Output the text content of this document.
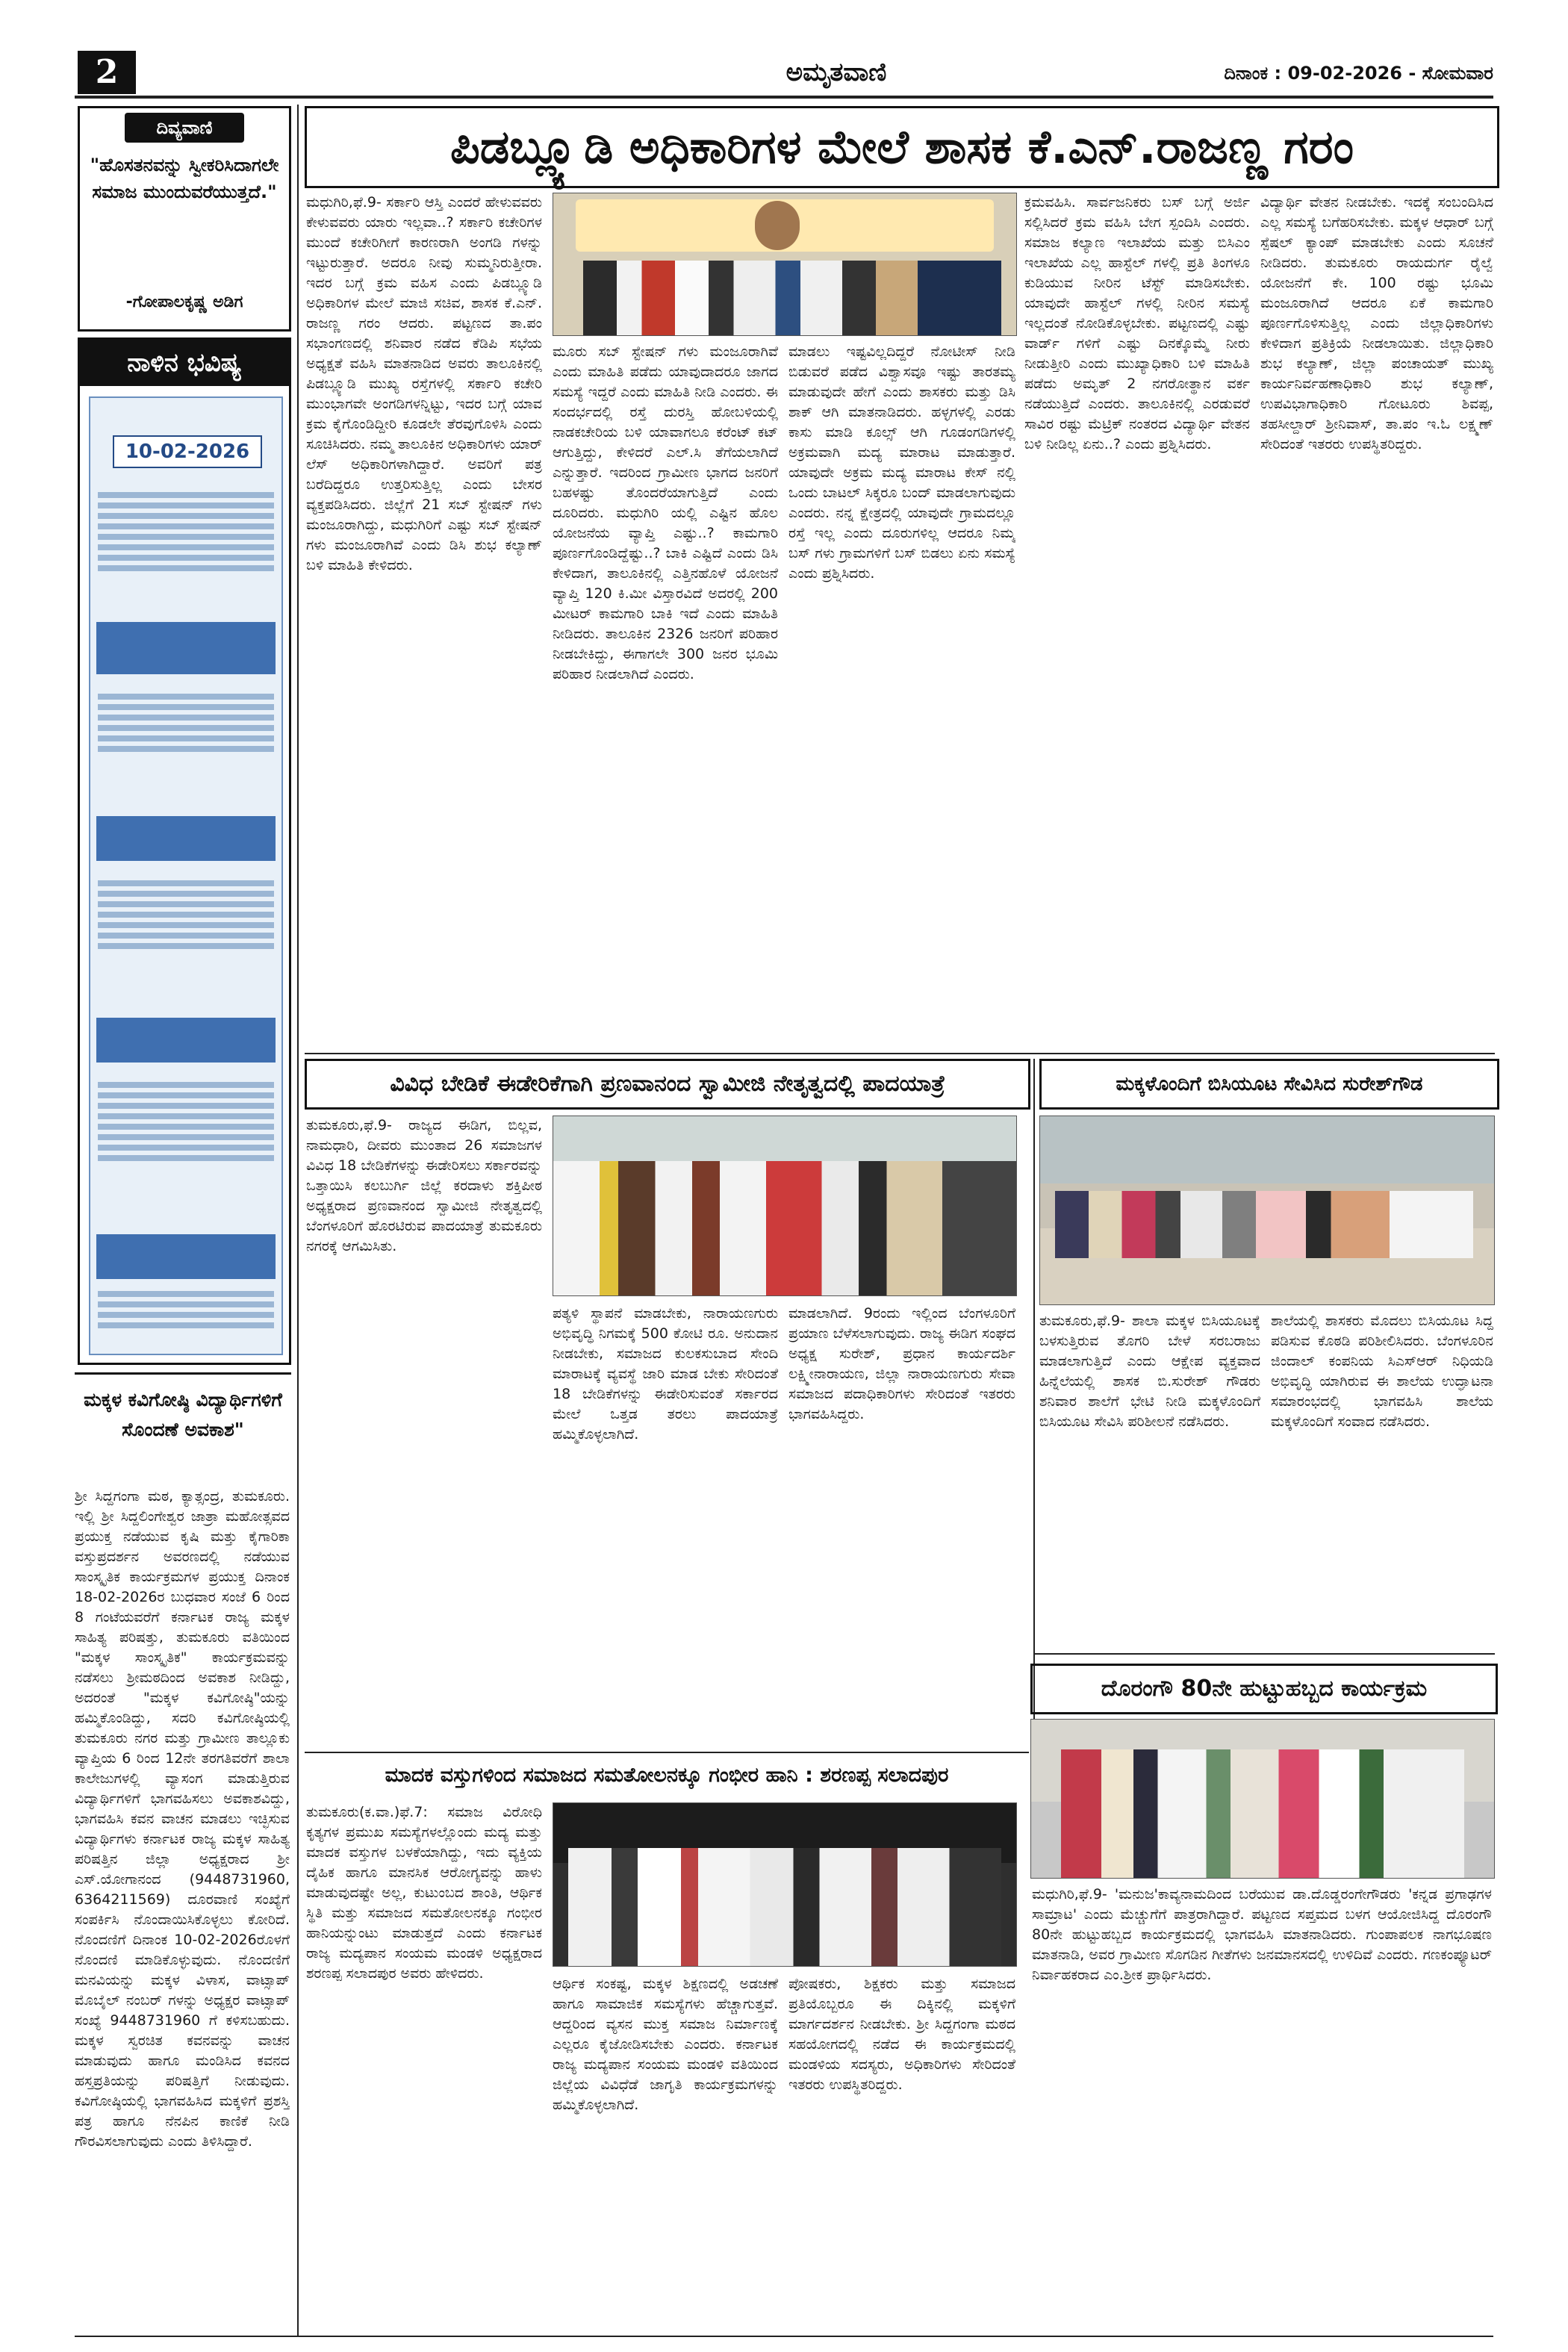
2	ಅಮೃತವಾಣಿ	ದಿನಾಂಕ : 09-02-2026 - ಸೋಮವಾರ
ದಿವ್ಯವಾಣಿ
"ಹೊಸತನವನ್ನು ಸ್ವೀಕರಿಸಿದಾಗಲೇ ಸಮಾಜ ಮುಂದುವರೆಯುತ್ತದೆ."
-ಗೋಪಾಲಕೃಷ್ಣ ಅಡಿಗ
ನಾಳಿನ ಭವಿಷ್ಯ
10-02-2026
ಮಕ್ಕಳ ಕವಿಗೋಷ್ಠಿ ವಿದ್ಯಾರ್ಥಿಗಳಿಗೆ ಸೊಂದಣೆ ಅವಕಾಶ"
ಶ್ರೀ ಸಿದ್ದಗಂಗಾ ಮಠ, ಕ್ಯಾತ್ಸಂದ್ರ, ತುಮಕೂರು. ಇಲ್ಲಿ ಶ್ರೀ ಸಿದ್ದಲಿಂಗೇಶ್ವರ ಜಾತ್ರಾ ಮಹೋತ್ಸವದ ಪ್ರಯುಕ್ತ ನಡೆಯುವ ಕೃಷಿ ಮತ್ತು ಕೈಗಾರಿಕಾ ವಸ್ತುಪ್ರದರ್ಶನ ಅವರಣದಲ್ಲಿ ನಡೆಯುವ ಸಾಂಸ್ಕೃತಿಕ ಕಾರ್ಯಕ್ರಮಗಳ ಪ್ರಯುಕ್ತ ದಿನಾಂಕ 18-02-2026ರ ಬುಧವಾರ ಸಂಜೆ 6 ರಿಂದ 8 ಗಂಟೆಯವರೆಗೆ ಕರ್ನಾಟಕ ರಾಜ್ಯ ಮಕ್ಕಳ ಸಾಹಿತ್ಯ ಪರಿಷತ್ತು, ತುಮಕೂರು ವತಿಯಿಂದ "ಮಕ್ಕಳ ಸಾಂಸ್ಕೃತಿಕ" ಕಾರ್ಯಕ್ರಮವನ್ನು ನಡೆಸಲು ಶ್ರೀಮಠದಿಂದ ಅವಕಾಶ ನೀಡಿದ್ದು, ಅದರಂತೆ "ಮಕ್ಕಳ ಕವಿಗೋಷ್ಠಿ"ಯನ್ನು ಹಮ್ಮಿಕೊಂಡಿದ್ದು, ಸದರಿ ಕವಿಗೋಷ್ಠಿಯಲ್ಲಿ ತುಮಕೂರು ನಗರ ಮತ್ತು ಗ್ರಾಮೀಣ ತಾಲ್ಲೂಕು ವ್ಯಾಪ್ತಿಯ 6 ರಿಂದ 12ನೇ ತರಗತಿವರೆಗೆ ಶಾಲಾ ಕಾಲೇಜುಗಳಲ್ಲಿ ವ್ಯಾಸಂಗ ಮಾಡುತ್ತಿರುವ ವಿದ್ಯಾರ್ಥಿಗಳಿಗೆ ಭಾಗವಹಿಸಲು ಅವಕಾಶವಿದ್ದು, ಭಾಗವಹಿಸಿ ಕವನ ವಾಚನ ಮಾಡಲು ಇಚ್ಛಿಸುವ ವಿದ್ಯಾರ್ಥಿಗಳು ಕರ್ನಾಟಕ ರಾಜ್ಯ ಮಕ್ಕಳ ಸಾಹಿತ್ಯ ಪರಿಷತ್ತಿನ ಜಿಲ್ಲಾ ಅಧ್ಯಕ್ಷರಾದ ಶ್ರೀ ಎಸ್.ಯೋಗಾನಂದ (9448731960, 6364211569) ದೂರವಾಣಿ ಸಂಖ್ಯೆಗೆ ಸಂಪರ್ಕಿಸಿ ನೊಂದಾಯಿಸಿಕೊಳ್ಳಲು ಕೋರಿದೆ. ನೊಂದಣಿಗೆ ದಿನಾಂಕ 10-02-2026ರೊಳಗೆ ನೊಂದಣಿ ಮಾಡಿಕೊಳ್ಳುವುದು. ನೊಂದಣಿಗೆ ಮನವಿಯನ್ನು ಮಕ್ಕಳ ವಿಳಾಸ, ವಾಟ್ಸಾಪ್ ಮೊಬೈಲ್ ನಂಬರ್ ಗಳನ್ನು ಅಧ್ಯಕ್ಷರ ವಾಟ್ಸಾಪ್ ಸಂಖ್ಯೆ 9448731960 ಗೆ ಕಳಿಸಬಹುದು. ಮಕ್ಕಳ ಸ್ವರಚಿತ ಕವನವನ್ನು ವಾಚನ ಮಾಡುವುದು ಹಾಗೂ ಮಂಡಿಸಿದ ಕವನದ ಹಸ್ತಪ್ರತಿಯನ್ನು ಪರಿಷತ್ತಿಗೆ ನೀಡುವುದು. ಕವಿಗೋಷ್ಠಿಯಲ್ಲಿ ಭಾಗವಹಿಸಿದ ಮಕ್ಕಳಿಗೆ ಪ್ರಶಸ್ತಿ ಪತ್ರ ಹಾಗೂ ನೆನಪಿನ ಕಾಣಿಕೆ ನೀಡಿ ಗೌರವಿಸಲಾಗುವುದು ಎಂದು ತಿಳಿಸಿದ್ದಾರೆ.
ಪಿಡಬ್ಲ್ಯೂಡಿ ಅಧಿಕಾರಿಗಳ ಮೇಲೆ ಶಾಸಕ ಕೆ.ಎನ್.ರಾಜಣ್ಣ ಗರಂ
ಮಧುಗಿರಿ,ಫೆ.9- ಸರ್ಕಾರಿ ಆಸ್ತಿ ಎಂದರೆ ಹೇಳುವವರು ಕೇಳುವವರು ಯಾರು ಇಲ್ಲವಾ..? ಸರ್ಕಾರಿ ಕಚೇರಿಗಳ ಮುಂದೆ ಕಚೇರಿಗೀಗೆ ಕಾರಣರಾಗಿ ಅಂಗಡಿ ಗಳನ್ನು ಇಟ್ಟುರುತ್ತಾರೆ. ಅದರೂ ನೀವು ಸುಮ್ಮನಿರುತ್ತೀರಾ. ಇದರ ಬಗ್ಗೆ ಕ್ರಮ ವಹಿಸ ಎಂದು ಪಿಡಬ್ಲ್ಯೂಡಿ ಅಧಿಕಾರಿಗಳ ಮೇಲೆ ಮಾಜಿ ಸಚಿವ, ಶಾಸಕ ಕೆ.ಎನ್. ರಾಜಣ್ಣ ಗರಂ ಆದರು. ಪಟ್ಟಣದ ತಾ.ಪಂ ಸಭಾಂಗಣದಲ್ಲಿ ಶನಿವಾರ ನಡೆದ ಕೆಡಿಪಿ ಸಭೆಯ ಅಧ್ಯಕ್ಷತೆ ವಹಿಸಿ ಮಾತನಾಡಿದ ಅವರು ತಾಲೂಕಿನಲ್ಲಿ ಪಿಡಬ್ಲ್ಯೂಡಿ ಮುಖ್ಯ ರಸ್ತೆಗಳಲ್ಲಿ ಸರ್ಕಾರಿ ಕಚೇರಿ ಮುಂಭಾಗವೇ ಅಂಗಡಿಗಳನ್ನಿಟ್ಟು, ಇದರ ಬಗ್ಗೆ ಯಾವ ಕ್ರಮ ಕೈಗೊಂಡಿದ್ದೀರಿ ಕೂಡಲೇ ತೆರವುಗೊಳಿಸಿ ಎಂದು ಸೂಚಿಸಿದರು. ನಮ್ಮ ತಾಲೂಕಿನ ಅಧಿಕಾರಿಗಳು ಯಾರ್ ಲೆಸ್ ಅಧಿಕಾರಿಗಳಾಗಿದ್ದಾರೆ. ಅವರಿಗೆ ಪತ್ರ ಬರೆದಿದ್ದರೂ ಉತ್ತರಿಸುತ್ತಿಲ್ಲ ಎಂದು ಬೇಸರ ವ್ಯಕ್ತಪಡಿಸಿದರು. ಜಿಲ್ಲೆಗೆ 21 ಸಬ್ ಸ್ಟೇಷನ್ ಗಳು ಮಂಜೂರಾಗಿದ್ದು, ಮಧುಗಿರಿಗೆ ಎಷ್ಟು ಸಬ್ ಸ್ಟೇಷನ್ ಗಳು ಮಂಜೂರಾಗಿವೆ ಎಂದು ಡಿಸಿ ಶುಭ ಕಲ್ಯಾಣ್ ಬಳಿ ಮಾಹಿತಿ ಕೇಳಿದರು.
ಮೂರು ಸಬ್ ಸ್ಟೇಷನ್ ಗಳು ಮಂಜೂರಾಗಿವೆ ಎಂದು ಮಾಹಿತಿ ಪಡೆದು ಯಾವುದಾದರೂ ಜಾಗದ ಸಮಸ್ಯೆ ಇದ್ದರೆ ಎಂದು ಮಾಹಿತಿ ನೀಡಿ ಎಂದರು. ಈ ಸಂದರ್ಭದಲ್ಲಿ ರಸ್ತೆ ದುರಸ್ತಿ ಹೋಬಳಿಯಲ್ಲಿ ನಾಡಕಚೇರಿಯ ಬಳಿ ಯಾವಾಗಲೂ ಕರೆಂಟ್ ಕಟ್ ಆಗುತ್ತಿದ್ದು, ಕೇಳಿದರೆ ಎಲ್.ಸಿ ತೆಗೆಯಲಾಗಿದೆ ಎನ್ನುತ್ತಾರೆ. ಇದರಿಂದ ಗ್ರಾಮೀಣ ಭಾಗದ ಜನರಿಗೆ ಬಹಳಷ್ಟು ತೊಂದರೆಯಾಗುತ್ತಿದೆ ಎಂದು ದೂರಿದರು. ಮಧುಗಿರಿ ಯಲ್ಲಿ ಎಷ್ಟಿನ ಹೊಲ ಯೋಜನೆಯ ವ್ಯಾಪ್ತಿ ಎಷ್ಟು..? ಕಾಮಗಾರಿ ಪೂರ್ಣಗೊಂಡಿದ್ದೆಷ್ಟು..? ಬಾಕಿ ಎಷ್ಟಿದೆ ಎಂದು ಡಿಸಿ ಕೇಳಿದಾಗ, ತಾಲೂಕಿನಲ್ಲಿ ಎತ್ತಿನಹೊಳೆ ಯೋಜನೆ ವ್ಯಾಪ್ತಿ 120 ಕಿ.ಮೀ ವಿಸ್ತಾರವಿದೆ ಅದರಲ್ಲಿ 200 ಮೀಟರ್ ಕಾಮಗಾರಿ ಬಾಕಿ ಇದೆ ಎಂದು ಮಾಹಿತಿ ನೀಡಿದರು. ತಾಲೂಕಿನ 2326 ಜನರಿಗೆ ಪರಿಹಾರ ನೀಡಬೇಕಿದ್ದು, ಈಗಾಗಲೇ 300 ಜನರ ಭೂಮಿ ಪರಿಹಾರ ನೀಡಲಾಗಿದೆ ಎಂದರು.
ಮಾಡಲು ಇಷ್ಟವಿಲ್ಲದಿದ್ದರೆ ನೋಟೀಸ್ ನೀಡಿ ಬಿಡುವರೆ ಪಡೆದ ವಿಶ್ವಾಸವೂ ಇಷ್ಟು ತಾರತಮ್ಯ ಮಾಡುವುದೇ ಹೇಗೆ ಎಂದು ಶಾಸಕರು ಮತ್ತು ಡಿಸಿ ಶಾಕ್ ಆಗಿ ಮಾತನಾಡಿದರು. ಹಳ್ಳಗಳಲ್ಲಿ ಎರಡು ಕಾಸು ಮಾಡಿ ಕೂಲ್ಸ್ ಆಗಿ ಗೂಡಂಗಡಿಗಳಲ್ಲಿ ಅಕ್ರಮವಾಗಿ ಮದ್ಯ ಮಾರಾಟ ಮಾಡುತ್ತಾರೆ. ಯಾವುದೇ ಅಕ್ರಮ ಮದ್ಯ ಮಾರಾಟ ಕೇಸ್ ನಲ್ಲಿ ಒಂದು ಬಾಟಲ್ ಸಿಕ್ಕರೂ ಬಂದ್ ಮಾಡಲಾಗುವುದು ಎಂದರು. ನನ್ನ ಕ್ಷೇತ್ರದಲ್ಲಿ ಯಾವುದೇ ಗ್ರಾಮದಲ್ಲೂ ರಸ್ತೆ ಇಲ್ಲ ಎಂದು ದೂರುಗಳಿಲ್ಲ ಆದರೂ ನಿಮ್ಮ ಬಸ್ ಗಳು ಗ್ರಾಮಗಳಿಗೆ ಬಸ್ ಬಿಡಲು ಏನು ಸಮಸ್ಯೆ ಎಂದು ಪ್ರಶ್ನಿಸಿದರು.
ಕ್ರಮವಹಿಸಿ. ಸಾರ್ವಜನಿಕರು ಬಸ್ ಬಗ್ಗೆ ಅರ್ಜಿ ಸಲ್ಲಿಸಿದರೆ ಕ್ರಮ ವಹಿಸಿ ಬೇಗ ಸ್ಪಂದಿಸಿ ಎಂದರು. ಸಮಾಜ ಕಲ್ಯಾಣ ಇಲಾಖೆಯ ಮತ್ತು ಬಿಸಿಎಂ ಇಲಾಖೆಯ ಎಲ್ಲ ಹಾಸ್ಟೆಲ್ ಗಳಲ್ಲಿ ಪ್ರತಿ ತಿಂಗಳೂ ಕುಡಿಯುವ ನೀರಿನ ಟೆಸ್ಟ್ ಮಾಡಿಸಬೇಕು. ಯಾವುದೇ ಹಾಸ್ಟೆಲ್ ಗಳಲ್ಲಿ ನೀರಿನ ಸಮಸ್ಯೆ ಇಲ್ಲದಂತೆ ನೋಡಿಕೊಳ್ಳಬೇಕು. ಪಟ್ಟಣದಲ್ಲಿ ಎಷ್ಟು ವಾರ್ಡ್ ಗಳಿಗೆ ಎಷ್ಟು ದಿನಕ್ಕೊಮ್ಮೆ ನೀರು ನೀಡುತ್ತೀರಿ ಎಂದು ಮುಖ್ಯಾಧಿಕಾರಿ ಬಳಿ ಮಾಹಿತಿ ಪಡೆದು ಅಮೃತ್ 2 ನಗರೋತ್ಥಾನ ವರ್ಕ ನಡೆಯುತ್ತಿದೆ ಎಂದರು. ತಾಲೂಕಿನಲ್ಲಿ ಎರಡುವರೆ ಸಾವಿರ ರಷ್ಟು ಮೆಟ್ರಿಕ್ ನಂತರದ ವಿದ್ಯಾರ್ಥಿ ವೇತನ ಬಳಿ ನೀಡಿಲ್ಲ ಏನು..? ಎಂದು ಪ್ರಶ್ನಿಸಿದರು.
ವಿದ್ಯಾರ್ಥಿ ವೇತನ ನೀಡಬೇಕು. ಇದಕ್ಕೆ ಸಂಬಂದಿಸಿದ ಎಲ್ಲ ಸಮಸ್ಯೆ ಬಗೆಹರಿಸಬೇಕು. ಮಕ್ಕಳ ಆಧಾರ್ ಬಗ್ಗೆ ಸ್ಪೆಷಲ್ ಕ್ಯಾಂಪ್ ಮಾಡಬೇಕು ಎಂದು ಸೂಚನೆ ನೀಡಿದರು. ತುಮಕೂರು ರಾಯದುರ್ಗ ರೈಲ್ವೆ ಯೋಜನೆಗೆ ಕೇ. 100 ರಷ್ಟು ಭೂಮಿ ಮಂಜೂರಾಗಿದೆ ಆದರೂ ಏಕೆ ಕಾಮಗಾರಿ ಪೂರ್ಣಗೊಳಿಸುತ್ತಿಲ್ಲ ಎಂದು ಜಿಲ್ಲಾಧಿಕಾರಿಗಳು ಕೇಳಿದಾಗ ಪ್ರತಿಕ್ರಿಯೆ ನೀಡಲಾಯಿತು. ಜಿಲ್ಲಾಧಿಕಾರಿ ಶುಭ ಕಲ್ಯಾಣ್, ಜಿಲ್ಲಾ ಪಂಚಾಯತ್ ಮುಖ್ಯ ಕಾರ್ಯನಿರ್ವಹಣಾಧಿಕಾರಿ ಶುಭ ಕಲ್ಯಾಣ್, ಉಪವಿಭಾಗಾಧಿಕಾರಿ ಗೋಟೂರು ಶಿವಪ್ಪ, ತಹಸೀಲ್ದಾರ್ ಶ್ರೀನಿವಾಸ್, ತಾ.ಪಂ ಇ.ಓ ಲಕ್ಷ್ಮಣ್ ಸೇರಿದಂತೆ ಇತರರು ಉಪಸ್ಥಿತರಿದ್ದರು.
ವಿವಿಧ ಬೇಡಿಕೆ ಈಡೇರಿಕೆಗಾಗಿ ಪ್ರಣವಾನಂದ ಸ್ವಾಮೀಜಿ ನೇತೃತ್ವದಲ್ಲಿ ಪಾದಯಾತ್ರೆ
ತುಮಕೂರು,ಫೆ.9- ರಾಜ್ಯದ ಈಡಿಗ, ಬಿಲ್ಲವ, ನಾಮಧಾರಿ, ದೀವರು ಮುಂತಾದ 26 ಸಮಾಜಗಳ ವಿವಿಧ 18 ಬೇಡಿಕೆಗಳನ್ನು ಈಡೇರಿಸಲು ಸರ್ಕಾರವನ್ನು ಒತ್ತಾಯಿಸಿ ಕಲಬುರ್ಗಿ ಜಿಲ್ಲೆ ಕರದಾಳು ಶಕ್ತಿಪೀಠ ಅಧ್ಯಕ್ಷರಾದ ಪ್ರಣವಾನಂದ ಸ್ವಾಮೀಜಿ ನೇತೃತ್ವದಲ್ಲಿ ಬೆಂಗಳೂರಿಗೆ ಹೊರಟಿರುವ ಪಾದಯಾತ್ರೆ ತುಮಕೂರು ನಗರಕ್ಕೆ ಆಗಮಿಸಿತು.
ಪತ್ಯಳಿ ಸ್ಥಾಪನೆ ಮಾಡಬೇಕು, ನಾರಾಯಣಗುರು ಅಭಿವೃದ್ಧಿ ನಿಗಮಕ್ಕೆ 500 ಕೋಟಿ ರೂ. ಅನುದಾನ ನೀಡಬೇಕು, ಸಮಾಜದ ಕುಲಕಸುಬಾದ ಸೇಂದಿ ಮಾರಾಟಕ್ಕೆ ವ್ಯವಸ್ಥೆ ಜಾರಿ ಮಾಡ ಬೇಕು ಸೇರಿದಂತೆ 18 ಬೇಡಿಕೆಗಳನ್ನು ಈಡೇರಿಸುವಂತೆ ಸರ್ಕಾರದ ಮೇಲೆ ಒತ್ತಡ ತರಲು ಪಾದಯಾತ್ರೆ ಹಮ್ಮಿಕೊಳ್ಳಲಾಗಿದೆ.
ಮಾಡಲಾಗಿದೆ. 9ರಂದು ಇಲ್ಲಿಂದ ಬೆಂಗಳೂರಿಗೆ ಪ್ರಯಾಣ ಬೆಳೆಸಲಾಗುವುದು. ರಾಜ್ಯ ಈಡಿಗ ಸಂಘದ ಅಧ್ಯಕ್ಷ ಸುರೇಶ್, ಪ್ರಧಾನ ಕಾರ್ಯದರ್ಶಿ ಲಕ್ಷ್ಮೀನಾರಾಯಣ, ಜಿಲ್ಲಾ ನಾರಾಯಣಗುರು ಸೇವಾ ಸಮಾಜದ ಪದಾಧಿಕಾರಿಗಳು ಸೇರಿದಂತೆ ಇತರರು ಭಾಗವಹಿಸಿದ್ದರು.
ಮಕ್ಕಳೊಂದಿಗೆ ಬಿಸಿಯೂಟ ಸೇವಿಸಿದ ಸುರೇಶ್‌ಗೌಡ
ತುಮಕೂರು,ಫೆ.9- ಶಾಲಾ ಮಕ್ಕಳ ಬಿಸಿಯೂಟಕ್ಕೆ ಬಳಸುತ್ತಿರುವ ತೊಗರಿ ಬೇಳೆ ಸರಬರಾಜು ಮಾಡಲಾಗುತ್ತಿದೆ ಎಂದು ಆಕ್ಷೇಪ ವ್ಯಕ್ತವಾದ ಹಿನ್ನೆಲೆಯಲ್ಲಿ ಶಾಸಕ ಬಿ.ಸುರೇಶ್ ಗೌಡರು ಶನಿವಾರ ಶಾಲೆಗೆ ಭೇಟಿ ನೀಡಿ ಮಕ್ಕಳೊಂದಿಗೆ ಬಿಸಿಯೂಟ ಸೇವಿಸಿ ಪರಿಶೀಲನೆ ನಡೆಸಿದರು.
ಶಾಲೆಯಲ್ಲಿ ಶಾಸಕರು ಮೊದಲು ಬಿಸಿಯೂಟ ಸಿದ್ದ ಪಡಿಸುವ ಕೊಠಡಿ ಪರಿಶೀಲಿಸಿದರು. ಬೆಂಗಳೂರಿನ ಜಿಂದಾಲ್ ಕಂಪನಿಯ ಸಿಎಸ್ಆರ್ ನಿಧಿಯಡಿ ಅಭಿವೃದ್ಧಿ ಯಾಗಿರುವ ಈ ಶಾಲೆಯ ಉದ್ಘಾಟನಾ ಸಮಾರಂಭದಲ್ಲಿ ಭಾಗವಹಿಸಿ ಶಾಲೆಯ ಮಕ್ಕಳೊಂದಿಗೆ ಸಂವಾದ ನಡೆಸಿದರು.
ಮಾದಕ ವಸ್ತುಗಳಿಂದ ಸಮಾಜದ ಸಮತೋಲನಕ್ಕೂ ಗಂಭೀರ ಹಾನಿ : ಶರಣಪ್ಪ ಸಲಾದಪುರ
ತುಮಕೂರು(ಕ.ವಾ.)ಫೆ.7: ಸಮಾಜ ವಿರೋಧಿ ಕೃತ್ಯಗಳ ಪ್ರಮುಖ ಸಮಸ್ಯೆಗಳಲ್ಲೊಂದು ಮದ್ಯ ಮತ್ತು ಮಾದಕ ವಸ್ತುಗಳ ಬಳಕೆಯಾಗಿದ್ದು, ಇದು ವ್ಯಕ್ತಿಯ ದೈಹಿಕ ಹಾಗೂ ಮಾನಸಿಕ ಆರೋಗ್ಯವನ್ನು ಹಾಳು ಮಾಡುವುದಷ್ಟೇ ಅಲ್ಲ, ಕುಟುಂಬದ ಶಾಂತಿ, ಆರ್ಥಿಕ ಸ್ಥಿತಿ ಮತ್ತು ಸಮಾಜದ ಸಮತೋಲನಕ್ಕೂ ಗಂಭೀರ ಹಾನಿಯನ್ನುಂಟು ಮಾಡುತ್ತದೆ ಎಂದು ಕರ್ನಾಟಕ ರಾಜ್ಯ ಮದ್ಯಪಾನ ಸಂಯಮ ಮಂಡಳಿ ಅಧ್ಯಕ್ಷರಾದ ಶರಣಪ್ಪ ಸಲಾದಪುರ ಅವರು ಹೇಳಿದರು.
ಆರ್ಥಿಕ ಸಂಕಷ್ಟ, ಮಕ್ಕಳ ಶಿಕ್ಷಣದಲ್ಲಿ ಅಡಚಣೆ ಹಾಗೂ ಸಾಮಾಜಿಕ ಸಮಸ್ಯೆಗಳು ಹೆಚ್ಚಾಗುತ್ತವೆ. ಆದ್ದರಿಂದ ವ್ಯಸನ ಮುಕ್ತ ಸಮಾಜ ನಿರ್ಮಾಣಕ್ಕೆ ಎಲ್ಲರೂ ಕೈಜೋಡಿಸಬೇಕು ಎಂದರು. ಕರ್ನಾಟಕ ರಾಜ್ಯ ಮದ್ಯಪಾನ ಸಂಯಮ ಮಂಡಳಿ ವತಿಯಿಂದ ಜಿಲ್ಲೆಯ ವಿವಿಧೆಡೆ ಜಾಗೃತಿ ಕಾರ್ಯಕ್ರಮಗಳನ್ನು ಹಮ್ಮಿಕೊಳ್ಳಲಾಗಿದೆ.
ಪೋಷಕರು, ಶಿಕ್ಷಕರು ಮತ್ತು ಸಮಾಜದ ಪ್ರತಿಯೊಬ್ಬರೂ ಈ ದಿಕ್ಕಿನಲ್ಲಿ ಮಕ್ಕಳಿಗೆ ಮಾರ್ಗದರ್ಶನ ನೀಡಬೇಕು. ಶ್ರೀ ಸಿದ್ದಗಂಗಾ ಮಠದ ಸಹಯೋಗದಲ್ಲಿ ನಡೆದ ಈ ಕಾರ್ಯಕ್ರಮದಲ್ಲಿ ಮಂಡಳಿಯ ಸದಸ್ಯರು, ಅಧಿಕಾರಿಗಳು ಸೇರಿದಂತೆ ಇತರರು ಉಪಸ್ಥಿತರಿದ್ದರು.
ದೊರಂಗೌ 80ನೇ ಹುಟ್ಟುಹಬ್ಬದ ಕಾರ್ಯಕ್ರಮ
ಮಧುಗಿರಿ,ಫೆ.9- 'ಮನುಜ'ಕಾವ್ಯನಾಮದಿಂದ ಬರೆಯುವ ಡಾ.ದೊಡ್ಡರಂಗೇಗೌಡರು 'ಕನ್ನಡ ಪ್ರಗಾಢಗಳ ಸಾಮ್ರಾಟ' ಎಂದು ಮೆಚ್ಚುಗೆಗೆ ಪಾತ್ರರಾಗಿದ್ದಾರೆ. ಪಟ್ಟಣದ ಸಪ್ತಮದ ಬಳಗ ಆಯೋಜಿಸಿದ್ದ ದೊರಂಗೌ 80ನೇ ಹುಟ್ಟುಹಬ್ಬದ ಕಾರ್ಯಕ್ರಮದಲ್ಲಿ ಭಾಗವಹಿಸಿ ಮಾತನಾಡಿದರು. ಗುಂಪಾಪಲಕ ನಾಗಭೂಷಣ ಮಾತನಾಡಿ, ಅವರ ಗ್ರಾಮೀಣ ಸೊಗಡಿನ ಗೀತೆಗಳು ಜನಮಾನಸದಲ್ಲಿ ಉಳಿದಿವೆ ಎಂದರು. ಗಣಕಂಪ್ಯೂಟರ್ ನಿರ್ವಾಹಕರಾದ ಎಂ.ಶ್ರೀಕ ಪ್ರಾರ್ಥಿಸಿದರು.
